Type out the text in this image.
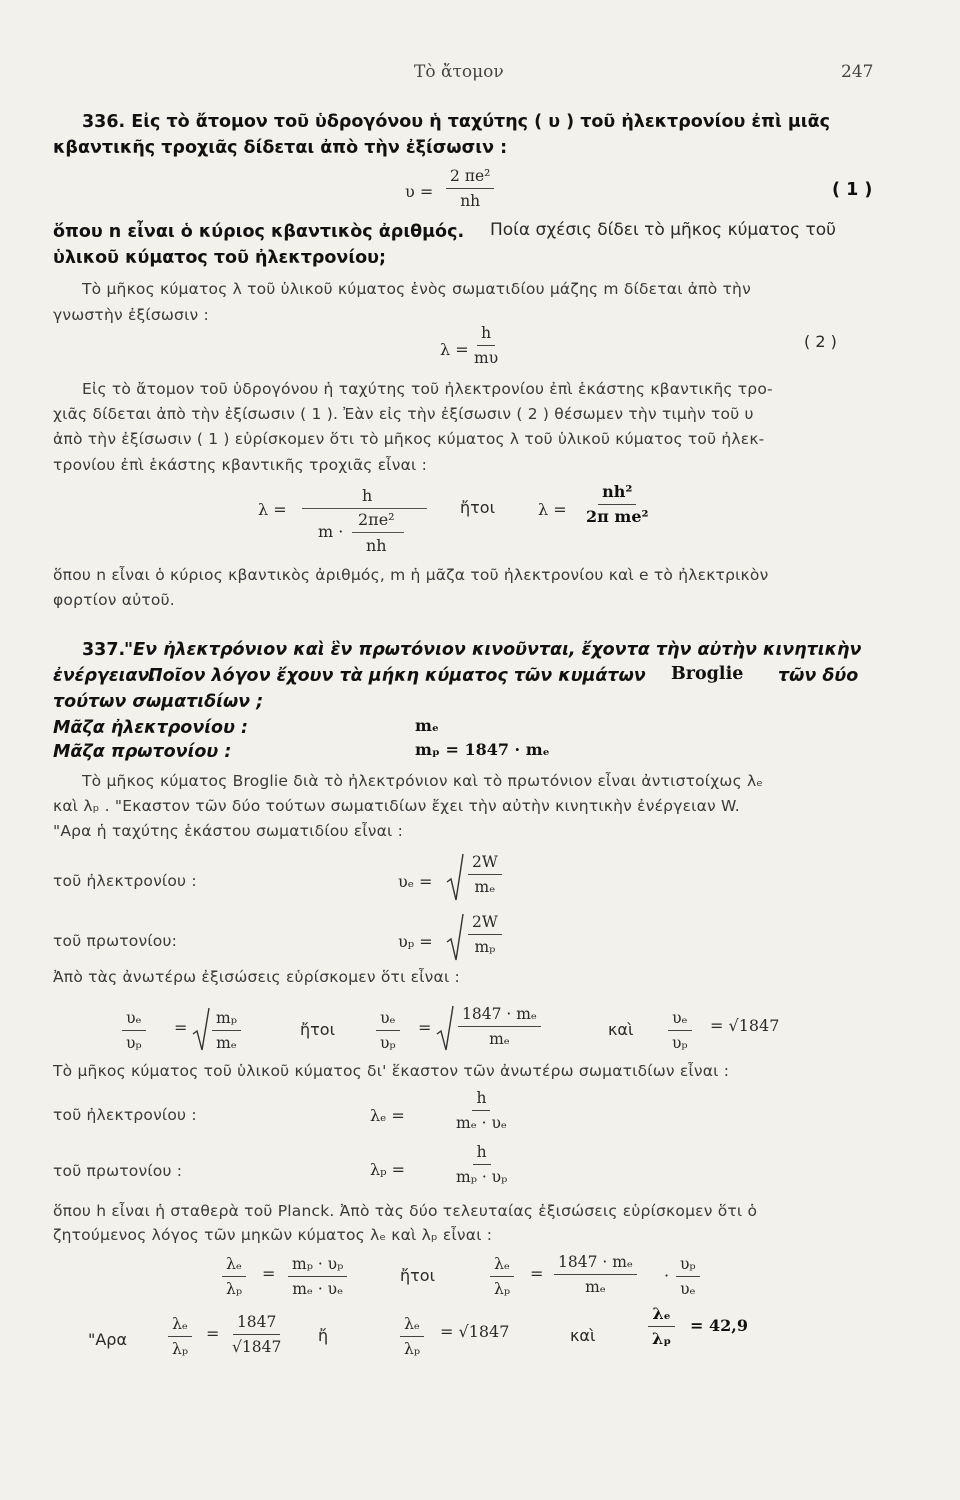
Τὸ ἄτομον	247
336. Εἰς τὸ ἄτομον τοῦ ὑδρογόνου ἡ ταχύτης ( υ ) τοῦ ἠλεκτρονίου ἐπὶ μιᾶς
κβαντικῆς τροχιᾶς δίδεται ἀπὸ τὴν ἐξίσωσιν :
$\upsilon = \frac{\text{2 πe²}}{nh}$	( 1 )
ὅπου n εἶναι ὁ κύριος κβαντικὸς ἀριθμός. Ποία σχέσις δίδει τὸ μῆκος κύματος τοῦ
ὑλικοῦ κύματος τοῦ ἠλεκτρονίου;
Τὸ μῆκος κύματος λ τοῦ ὑλικοῦ κύματος ἑνὸς σωματιδίου μάζης m δίδεται ἀπὸ τὴν
γνωστὴν ἐξίσωσιν :
$\lambda = \frac{h}{m\upsilon}$	( 2 )
Εἰς τὸ ἄτομον τοῦ ὑδρογόνου ἡ ταχύτης τοῦ ἠλεκτρονίου ἐπὶ ἑκάστης κβαντικῆς τρο-
χιᾶς δίδεται ἀπὸ τὴν ἐξίσωσιν ( 1 ). Ἐὰν εἰς τὴν ἐξίσωσιν ( 2 ) θέσωμεν τὴν τιμὴν τοῦ υ
ἀπὸ τὴν ἐξίσωσιν ( 1 ) εὑρίσκομεν ὅτι τὸ μῆκος κύματος λ τοῦ ὑλικοῦ κύματος τοῦ ἠλεκ-
τρονίου ἐπὶ ἑκάστης κβαντικῆς τροχιᾶς εἶναι :
λ =
h
m ·
2πe²
nh
ἤτοι	$\lambda = \frac{\text{nh²}}{\text{2π me²}}$
ὅπου n εἶναι ὁ κύριος κβαντικὸς ἀριθμός, m ἡ μᾶζα τοῦ ἠλεκτρονίου καὶ e τὸ ἠλεκτρικὸν
φορτίον αὐτοῦ.
337.
"Εν ἠλεκτρόνιον καὶ ἓν πρωτόνιον κινοῦνται, ἔχοντα τὴν αὐτὴν κινητικὴν
ἐνέργειαν.
Ποῖον λόγον ἔχουν τὰ μήκη κύματος τῶν κυμάτων Broglie τῶν δύο
τούτων σωματιδίων ;
Μᾶζα ἠλεκτρονίου :	mₑ
Μᾶζα πρωτονίου :	mₚ = 1847 · mₑ
Τὸ μῆκος κύματος Broglie διὰ τὸ ἠλεκτρόνιον καὶ τὸ πρωτόνιον εἶναι ἀντιστοίχως λₑ
καὶ λₚ . "Εκαστον τῶν δύο τούτων σωματιδίων ἔχει τὴν αὐτὴν κινητικὴν ἐνέργειαν W.
"Αρα ἡ ταχύτης ἑκάστου σωματιδίου εἶναι :
τοῦ ἠλεκτρονίου :	$\upsilon_e = \frac{2W}{\text{mₑ}}$
τοῦ πρωτονίου:	$\upsilon_p = \frac{2W}{\text{mₚ}}$
Ἀπὸ τὰς ἀνωτέρω ἐξισώσεις εὑρίσκομεν ὅτι εἶναι :
$\frac{\text{υₑ}}{\text{υₚ}} = \frac{\text{mₚ}}{\text{mₑ}}$	ἤτοι	$\frac{\text{υₑ}}{\text{υₚ}} = \frac{\text{1847 · mₑ}}{\text{mₑ}}$	καὶ $\frac{\text{υₑ}}{\text{υₚ}} = √1847$
Τὸ μῆκος κύματος τοῦ ὑλικοῦ κύματος δι' ἕκαστον τῶν ἀνωτέρω σωματιδίων εἶναι :
τοῦ ἠλεκτρονίου :	λₑ =	$\frac{h}{\text{mₑ · υₑ}}$
τοῦ πρωτονίου :	λₚ =	$\frac{h}{\text{mₚ · υₚ}}$
ὅπου h εἶναι ἡ σταθερὰ τοῦ Planck. Ἀπὸ τὰς δύο τελευταίας ἐξισώσεις εὑρίσκομεν ὅτι ὁ
ζητούμενος λόγος τῶν μηκῶν κύματος λₑ καὶ λₚ εἶναι :
$\frac{\text{λₑ}}{\text{λₚ}} = \frac{\text{mₚ · υₚ}}{\text{mₑ · υₑ}}$	ἤτοι	$\frac{\text{λₑ}}{\text{λₚ}} = \frac{\text{1847 · mₑ}}{\text{mₑ}} \cdot \frac{\text{υₚ}}{\text{υₑ}}$
"Αρα	$\frac{\text{λₑ}}{\text{λₚ}} = \frac{1847}{√1847}$ ἤ	$\frac{\text{λₑ}}{\text{λₚ}} = √1847$	καὶ	$\frac{\text{λₑ}}{\text{λₚ}} = 42,9$
